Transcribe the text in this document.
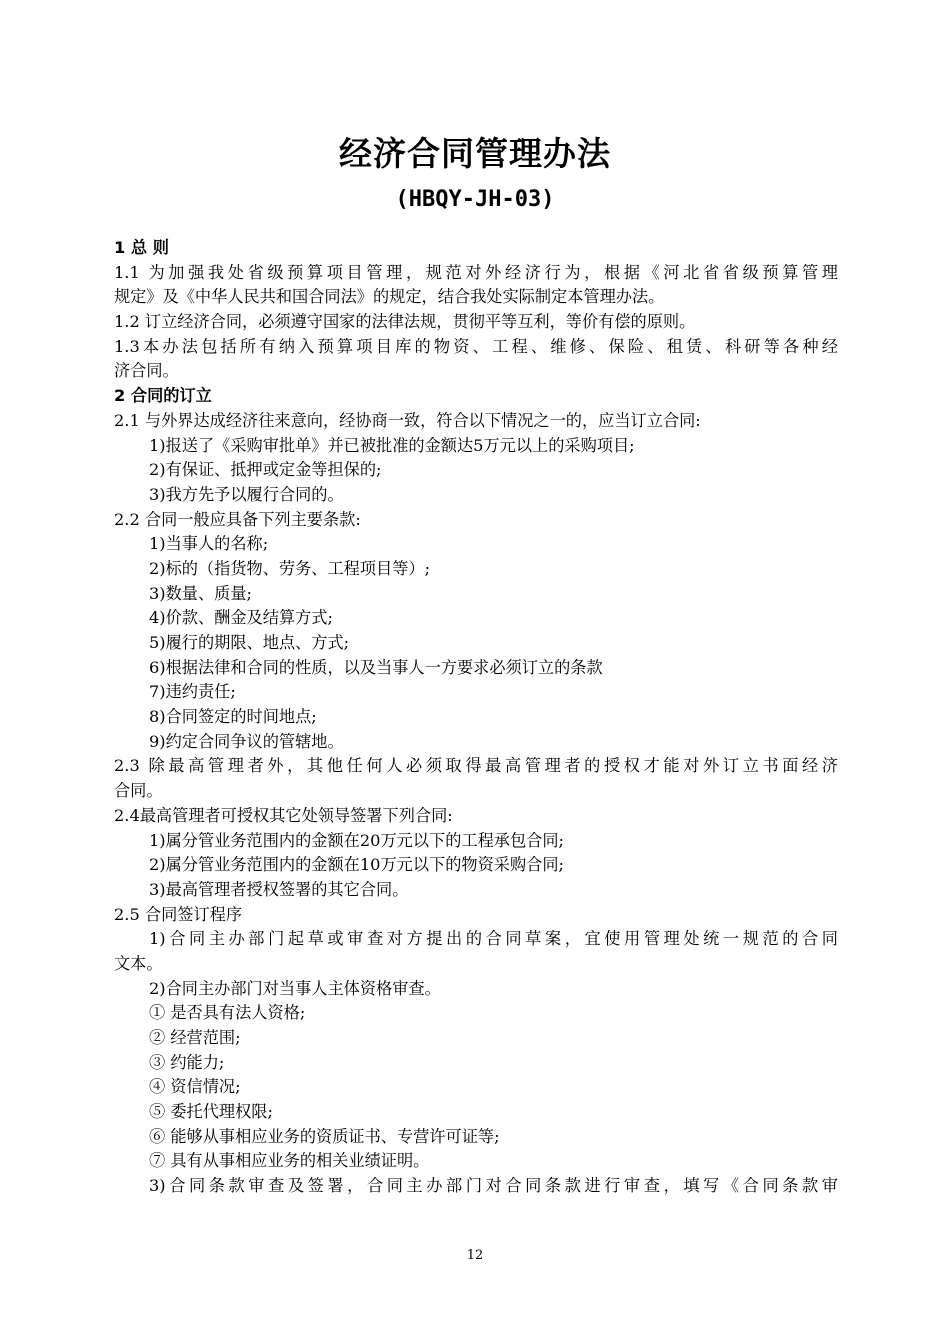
经济合同管理办法
(HBQY-JH-03)
1 总 则
1.1 为加强我处省级预算项目管理，规范对外经济行为，根据《河北省省级预算管理
规定》及《中华人民共和国合同法》的规定，结合我处实际制定本管理办法。
1.2 订立经济合同，必须遵守国家的法律法规，贯彻平等互利，等价有偿的原则。
1.3本办法包括所有纳入预算项目库的物资、工程、维修、保险、租赁、科研等各种经
济合同。
2 合同的订立
2.1 与外界达成经济往来意向，经协商一致，符合以下情况之一的，应当订立合同:
1)报送了《采购审批单》并已被批准的金额达5万元以上的采购项目;
2)有保证、抵押或定金等担保的;
3)我方先予以履行合同的。
2.2 合同一般应具备下列主要条款:
1)当事人的名称;
2)标的（指货物、劳务、工程项目等）;
3)数量、质量;
4)价款、酬金及结算方式;
5)履行的期限、地点、方式;
6)根据法律和合同的性质，以及当事人一方要求必须订立的条款
7)违约责任;
8)合同签定的时间地点;
9)约定合同争议的管辖地。
2.3 除最高管理者外，其他任何人必须取得最高管理者的授权才能对外订立书面经济
合同。
2.4最高管理者可授权其它处领导签署下列合同:
1)属分管业务范围内的金额在20万元以下的工程承包合同;
2)属分管业务范围内的金额在10万元以下的物资采购合同;
3)最高管理者授权签署的其它合同。
2.5 合同签订程序
1)合同主办部门起草或审查对方提出的合同草案，宜使用管理处统一规范的合同
文本。
2)合同主办部门对当事人主体资格审查。
① 是否具有法人资格;
② 经营范围;
③ 约能力;
④ 资信情况;
⑤ 委托代理权限;
⑥ 能够从事相应业务的资质证书、专营许可证等;
⑦ 具有从事相应业务的相关业绩证明。
3)合同条款审查及签署，合同主办部门对合同条款进行审查，填写《合同条款审
12
